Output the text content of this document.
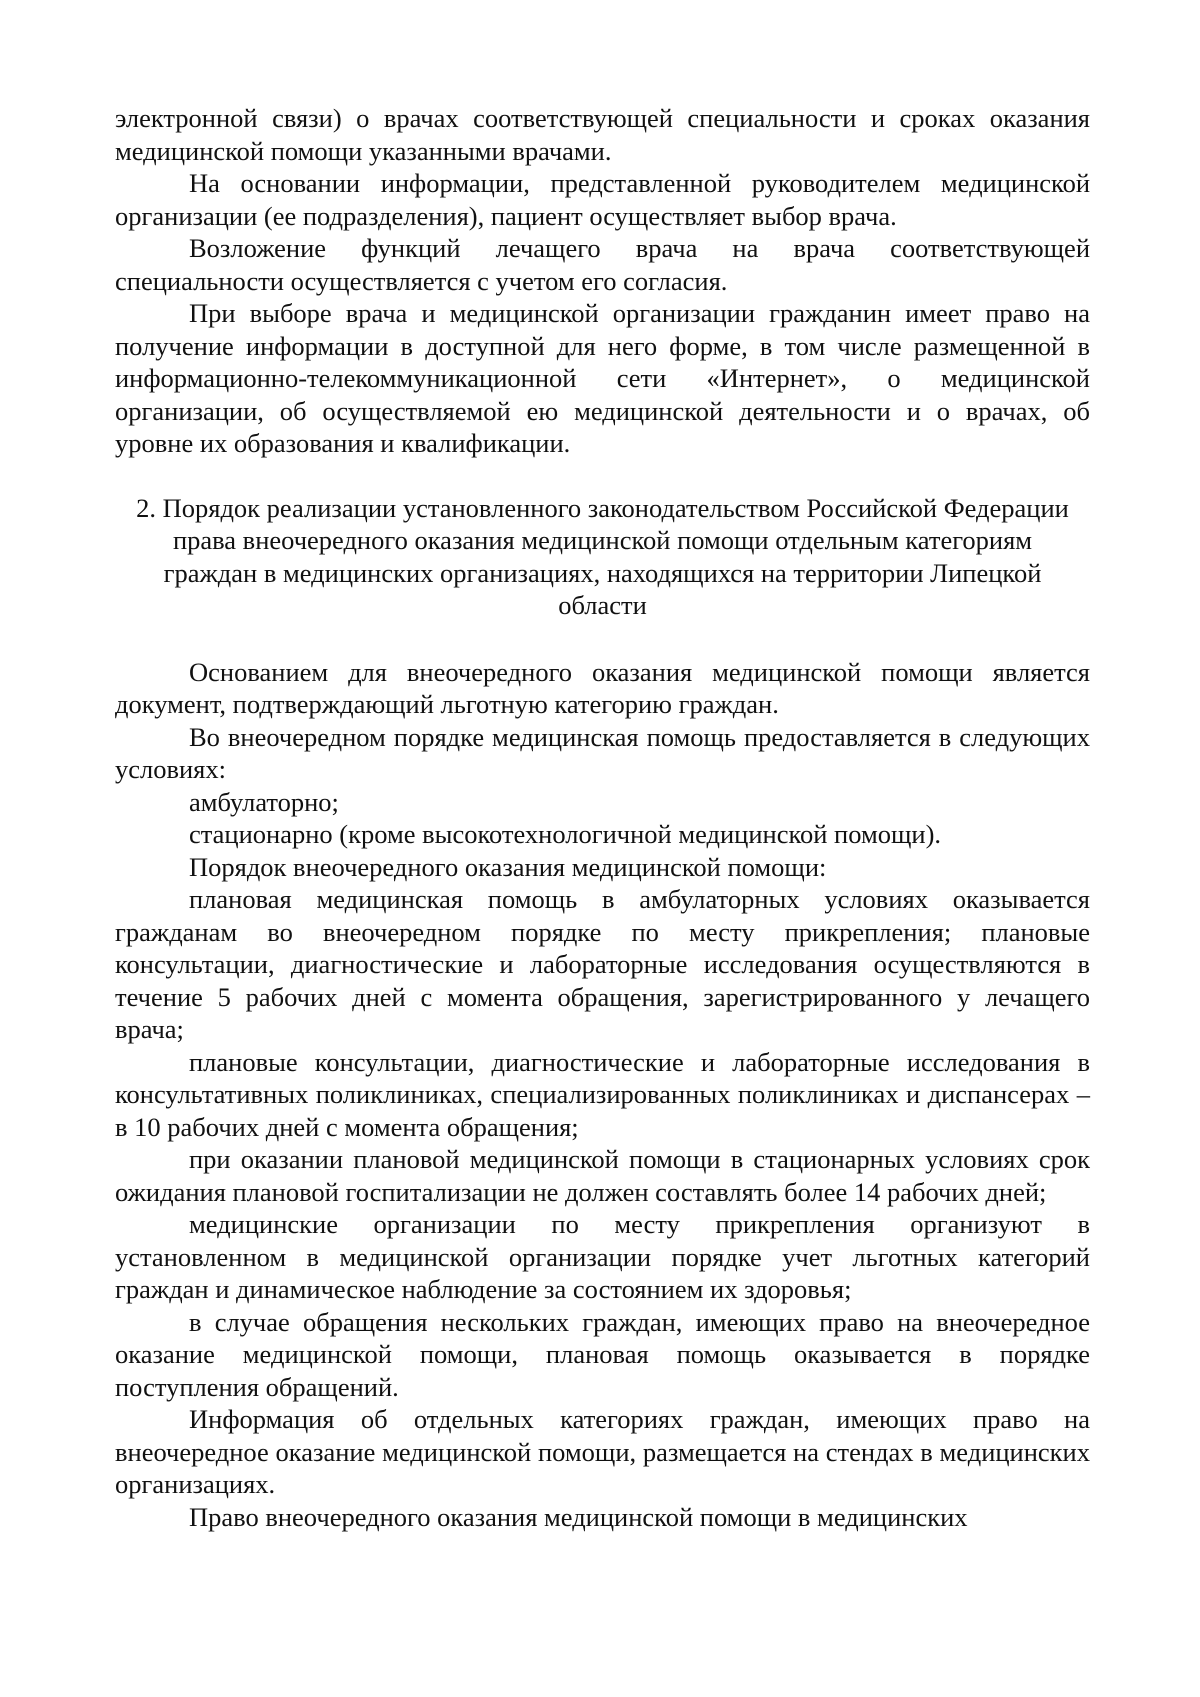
электронной связи) о врачах соответствующей специальности и сроках оказания медицинской помощи указанными врачами.

На основании информации, представленной руководителем медицинской организации (ее подразделения), пациент осуществляет выбор врача.

Возложение функций лечащего врача на врача соответствующей специальности осуществляется с учетом его согласия.

При выборе врача и медицинской организации гражданин имеет право на получение информации в доступной для него форме, в том числе размещенной в информационно-телекоммуникационной сети «Интернет», о медицинской организации, об осуществляемой ею медицинской деятельности и о врачах, об уровне их образования и квалификации.

2. Порядок реализации установленного законодательством Российской Федерации права внеочередного оказания медицинской помощи отдельным категориям граждан в медицинских организациях, находящихся на территории Липецкой области

Основанием для внеочередного оказания медицинской помощи является документ, подтверждающий льготную категорию граждан.

Во внеочередном порядке медицинская помощь предоставляется в следующих условиях:

амбулаторно;

стационарно (кроме высокотехнологичной медицинской помощи).

Порядок внеочередного оказания медицинской помощи:

плановая медицинская помощь в амбулаторных условиях оказывается гражданам во внеочередном порядке по месту прикрепления; плановые консультации, диагностические и лабораторные исследования осуществляются в течение 5 рабочих дней с момента обращения, зарегистрированного у лечащего врача;

плановые консультации, диагностические и лабораторные исследования в консультативных поликлиниках, специализированных поликлиниках и диспансерах – в 10 рабочих дней с момента обращения;

при оказании плановой медицинской помощи в стационарных условиях срок ожидания плановой госпитализации не должен составлять более 14 рабочих дней;

медицинские организации по месту прикрепления организуют в установленном в медицинской организации порядке учет льготных категорий граждан и динамическое наблюдение за состоянием их здоровья;

в случае обращения нескольких граждан, имеющих право на внеочередное оказание медицинской помощи, плановая помощь оказывается в порядке поступления обращений.

Информация об отдельных категориях граждан, имеющих право на внеочередное оказание медицинской помощи, размещается на стендах в медицинских организациях.

Право внеочередного оказания медицинской помощи в медицинских
